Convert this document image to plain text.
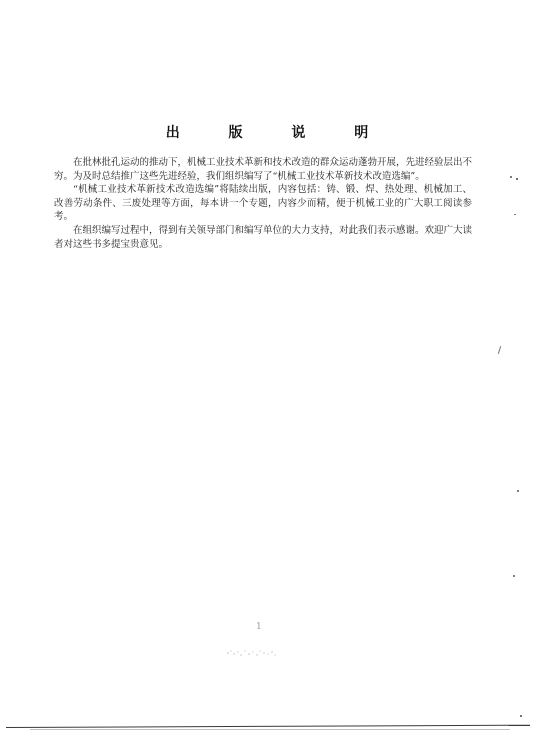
出 版 说 明

在批林批孔运动的推动下，机械工业技术革新和技术改造的群众运动蓬勃开展，先进经验层出不穷。为及时总结推广这些先进经验，我们组织编写了“机械工业技术革新技术改造选编”。

“机械工业技术革新技术改造选编”将陆续出版，内容包括：铸、锻、焊、热处理、机械加工、改善劳动条件、三废处理等方面，每本讲一个专题，内容少而精，便于机械工业的广大职工阅读参考。

在组织编写过程中，得到有关领导部门和编写单位的大力支持，对此我们表示感谢。欢迎广大读者对这些书多提宝贵意见。

1
